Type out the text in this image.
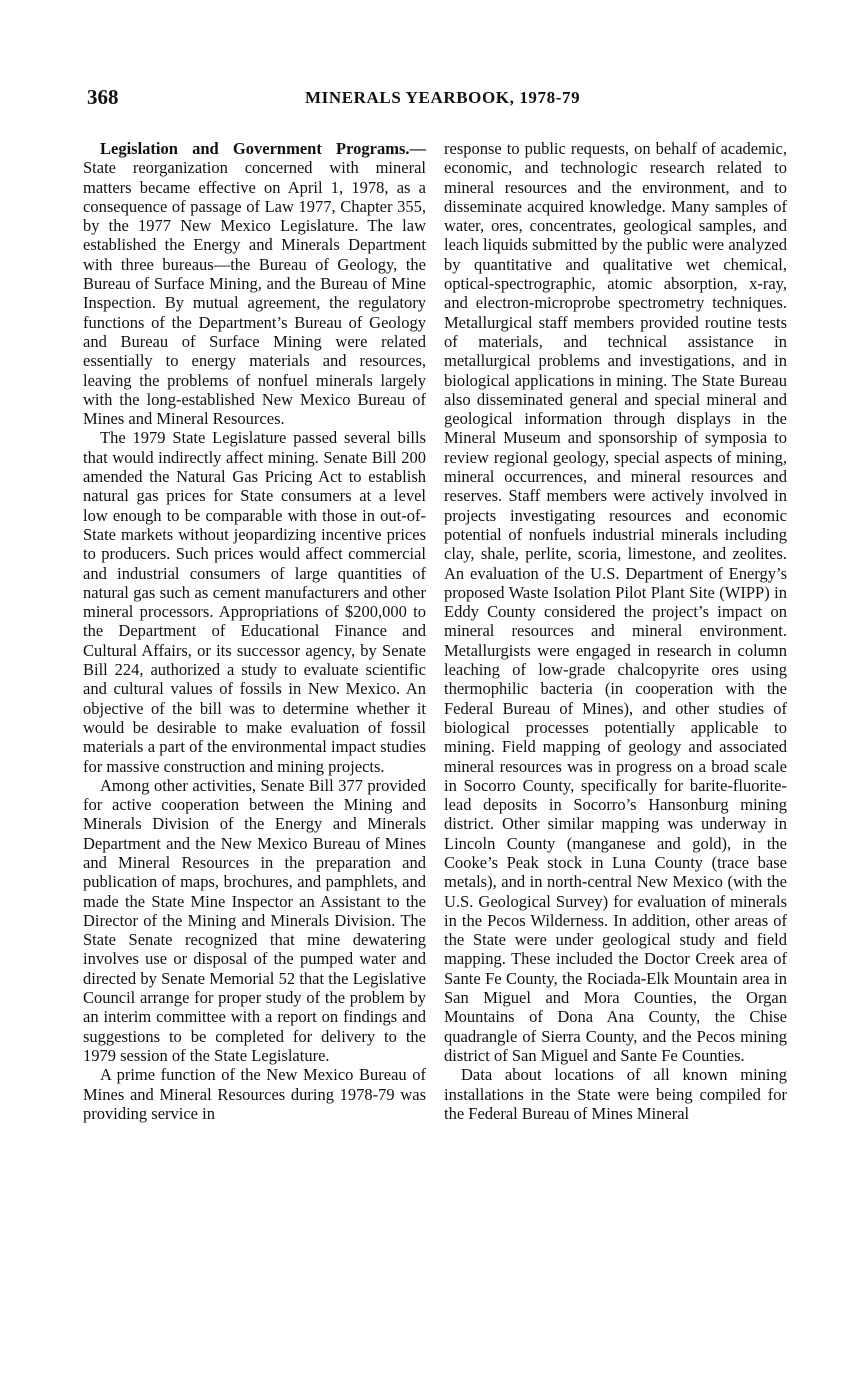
368	MINERALS YEARBOOK, 1978-79

Legislation and Government Programs.—State reorganization concerned with mineral matters became effective on April 1, 1978, as a consequence of passage of Law 1977, Chapter 355, by the 1977 New Mexico Legislature. The law established the Energy and Minerals Department with three bureaus—the Bureau of Geology, the Bureau of Surface Mining, and the Bureau of Mine Inspection. By mutual agreement, the regulatory functions of the Department’s Bureau of Geology and Bureau of Surface Mining were related essentially to energy materials and resources, leaving the problems of nonfuel minerals largely with the long-established New Mexico Bureau of Mines and Mineral Resources.

The 1979 State Legislature passed several bills that would indirectly affect mining. Senate Bill 200 amended the Natural Gas Pricing Act to establish natural gas prices for State consumers at a level low enough to be comparable with those in out-of-State markets without jeopardizing incentive prices to producers. Such prices would affect commercial and industrial consumers of large quantities of natural gas such as cement manufacturers and other mineral processors. Appropriations of $200,000 to the Department of Educational Finance and Cultural Affairs, or its successor agency, by Senate Bill 224, authorized a study to evaluate scientific and cultural values of fossils in New Mexico. An objective of the bill was to determine whether it would be desirable to make evaluation of fossil materials a part of the environmental impact studies for massive construction and mining projects.

Among other activities, Senate Bill 377 provided for active cooperation between the Mining and Minerals Division of the Energy and Minerals Department and the New Mexico Bureau of Mines and Mineral Resources in the preparation and publication of maps, brochures, and pamphlets, and made the State Mine Inspector an Assistant to the Director of the Mining and Minerals Division. The State Senate recognized that mine dewatering involves use or disposal of the pumped water and directed by Senate Memorial 52 that the Legislative Council arrange for proper study of the problem by an interim committee with a report on findings and suggestions to be completed for delivery to the 1979 session of the State Legislature.

A prime function of the New Mexico Bureau of Mines and Mineral Resources during 1978-79 was providing service in

response to public requests, on behalf of academic, economic, and technologic research related to mineral resources and the environment, and to disseminate acquired knowledge. Many samples of water, ores, concentrates, geological samples, and leach liquids submitted by the public were analyzed by quantitative and qualitative wet chemical, optical-spectrographic, atomic absorption, x-ray, and electron-microprobe spectrometry techniques. Metallurgical staff members provided routine tests of materials, and technical assistance in metallurgical problems and investigations, and in biological applications in mining. The State Bureau also disseminated general and special mineral and geological information through displays in the Mineral Museum and sponsorship of symposia to review regional geology, special aspects of mining, mineral occurrences, and mineral resources and reserves. Staff members were actively involved in projects investigating resources and economic potential of nonfuels industrial minerals including clay, shale, perlite, scoria, limestone, and zeolites. An evaluation of the U.S. Department of Energy’s proposed Waste Isolation Pilot Plant Site (WIPP) in Eddy County considered the project’s impact on mineral resources and mineral environment. Metallurgists were engaged in research in column leaching of low-grade chalcopyrite ores using thermophilic bacteria (in cooperation with the Federal Bureau of Mines), and other studies of biological processes potentially applicable to mining. Field mapping of geology and associated mineral resources was in progress on a broad scale in Socorro County, specifically for barite-fluorite-lead deposits in Socorro’s Hansonburg mining district. Other similar mapping was underway in Lincoln County (manganese and gold), in the Cooke’s Peak stock in Luna County (trace base metals), and in north-central New Mexico (with the U.S. Geological Survey) for evaluation of minerals in the Pecos Wilderness. In addition, other areas of the State were under geological study and field mapping. These included the Doctor Creek area of Sante Fe County, the Rociada-Elk Mountain area in San Miguel and Mora Counties, the Organ Mountains of Dona Ana County, the Chise quadrangle of Sierra County, and the Pecos mining district of San Miguel and Sante Fe Counties.

Data about locations of all known mining installations in the State were being compiled for the Federal Bureau of Mines Mineral
